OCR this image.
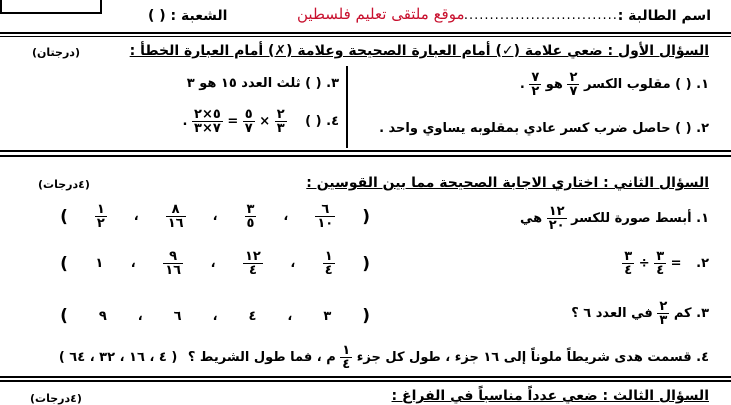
اسم الطالبة :
...............................
موقع ملتقى تعليم فلسطين
الشعبة : ( )
السؤال الأول : ضعي علامة (✓) أمام العبارة الصحيحة وعلامة (✗) أمام العبارة الخطأ :
(درجتان)
١. ( ) مقلوب الكسر
$\frac{٢}{٧}$
هو
$\frac{٧}{٢}$
.
٢. ( ) حاصل ضرب كسر عادي بمقلوبه يساوي واحد .
٣. ( ) ثلث العدد ١٥ هو ٣
٤. ( )
$\frac{٥\times ٢}{٧\times ٣} = \frac{٥}{٧} \times \frac{٢}{٣}$
.
السؤال الثاني : اختاري الاجابة الصحيحة مما بين القوسين :
(٤درجات)
١. أبسط صورة للكسر
$\frac{١٢}{٢٠}$
هي
(
$\frac{٦}{١٠}$
،
$\frac{٣}{٥}$
،
$\frac{٨}{١٦}$
،
$\frac{١}{٢}$
)
٢.
$\frac{٣}{٤} \div \frac{٣}{٤}$ =
(
$\frac{١}{٤}$
،
$\frac{١٢}{٤}$
،
$\frac{٩}{١٦}$
،
١
)
٣. كم
$\frac{٢}{٣}$
في العدد ٦ ؟
(
٣
،
٤
،
٦
،
٩
)
٤. قسمت هدى شريطاً ملوناً إلى ١٦ جزء ، طول كل جزء
$\frac{١}{٤}$
م ، فما طول الشريط ؟ ( ٤ ، ١٦ ، ٣٢ ، ٦٤ )
السؤال الثالث : ضعي عدداً مناسباً في الفراغ :
(٤درجات)
